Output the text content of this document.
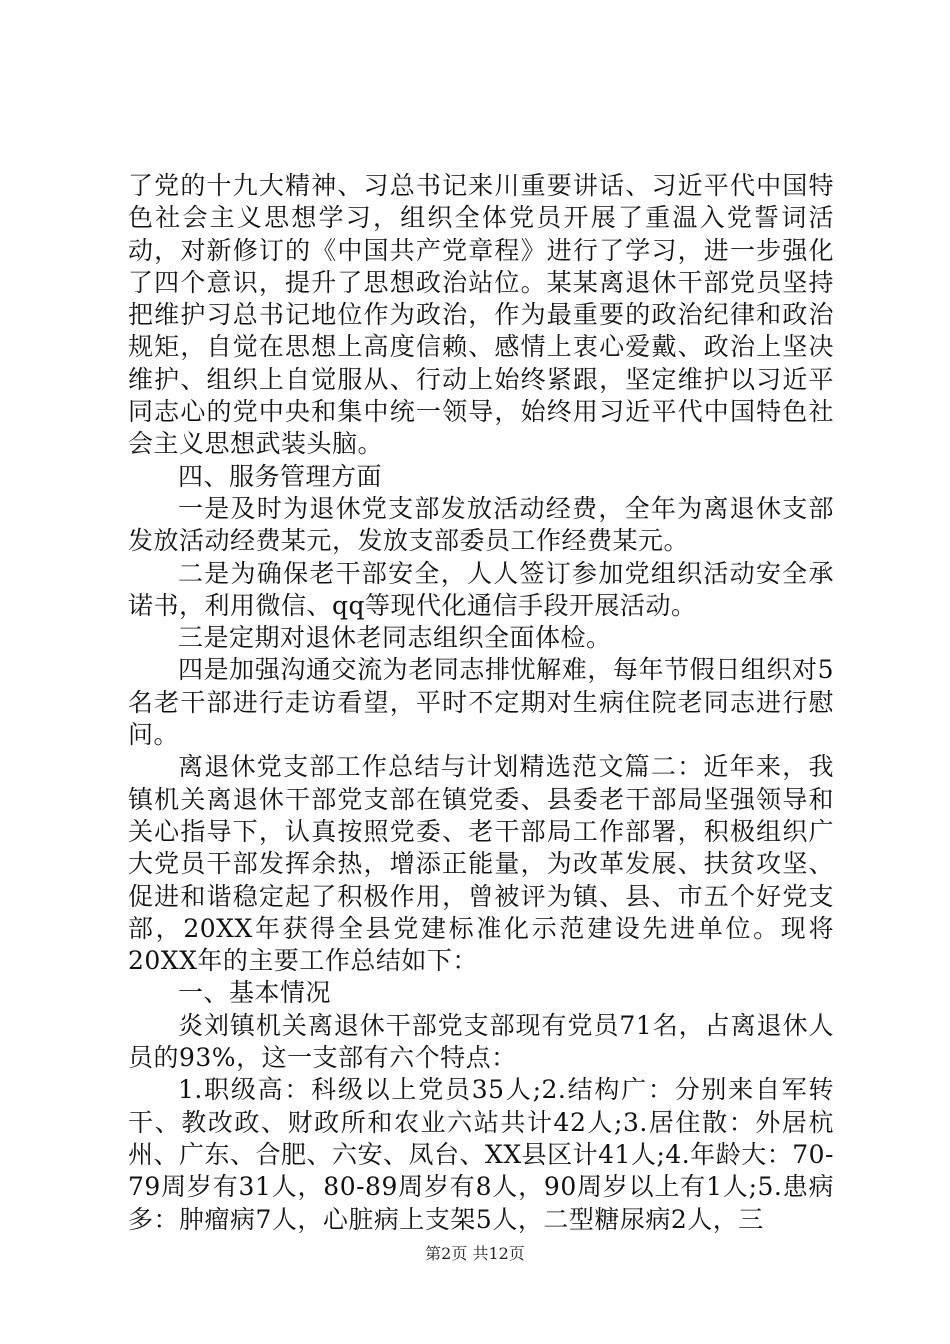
了党的十九大精神、习总书记来川重要讲话、习近平代中国特色社会主义思想学习，组织全体党员开展了重温入党誓词活动，对新修订的《中国共产党章程》进行了学习，进一步强化了四个意识，提升了思想政治站位。某某离退休干部党员坚持把维护习总书记地位作为政治，作为最重要的政治纪律和政治规矩，自觉在思想上高度信赖、感情上衷心爱戴、政治上坚决维护、组织上自觉服从、行动上始终紧跟，坚定维护以习近平同志心的党中央和集中统一领导，始终用习近平代中国特色社会主义思想武装头脑。

四、服务管理方面

一是及时为退休党支部发放活动经费，全年为离退休支部发放活动经费某元，发放支部委员工作经费某元。

二是为确保老干部安全，人人签订参加党组织活动安全承诺书，利用微信、qq等现代化通信手段开展活动。

三是定期对退休老同志组织全面体检。

四是加强沟通交流为老同志排忧解难，每年节假日组织对5名老干部进行走访看望，平时不定期对生病住院老同志进行慰问。

离退休党支部工作总结与计划精选范文篇二：近年来，我镇机关离退休干部党支部在镇党委、县委老干部局坚强领导和关心指导下，认真按照党委、老干部局工作部署，积极组织广大党员干部发挥余热，增添正能量，为改革发展、扶贫攻坚、促进和谐稳定起了积极作用，曾被评为镇、县、市五个好党支部，20XX年获得全县党建标准化示范建设先进单位。现将20XX年的主要工作总结如下：

一、基本情况

炎刘镇机关离退休干部党支部现有党员71名，占离退休人员的93%，这一支部有六个特点：

1.职级高：科级以上党员35人;2.结构广：分别来自军转干、教改政、财政所和农业六站共计42人;3.居住散：外居杭州、广东、合肥、六安、凤台、XX县区计41人;4.年龄大：70-79周岁有31人，80-89周岁有8人，90周岁以上有1人;5.患病多：肿瘤病7人，心脏病上支架5人，二型糖尿病2人，三

第2页 共12页
